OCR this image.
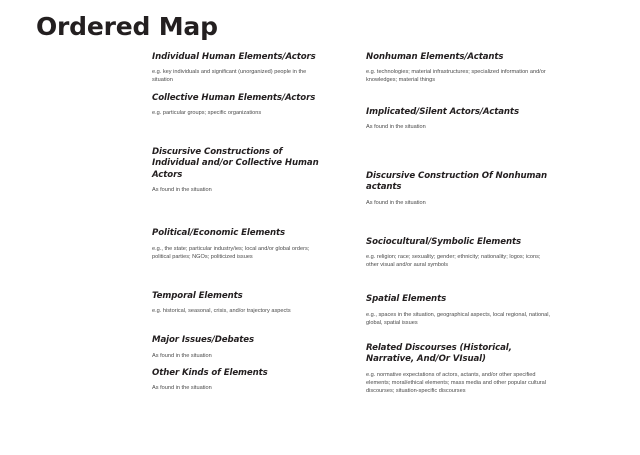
Ordered Map
Individual Human Elements/Actors
e.g. key individuals and significant (unorganized) people in the situation
Collective Human Elements/Actors
e.g. particular groups; specific organizations
Discursive Constructions of Individual and/or Collective Human Actors
As found in the situation
Political/Economic Elements
e.g., the state; particular industry/ies; local and/or global orders; political parties; NGOs; politicized issues
Temporal Elements
e.g. historical, seasonal, crisis, and/or trajectory aspects
Major Issues/Debates
As found in the situation
Other Kinds of Elements
As found in the situation
Nonhuman Elements/Actants
e.g. technologies; material infrastructures; specialized information and/or knowledges; material things
Implicated/Silent Actors/Actants
As found in the situation
Discursive Construction Of Nonhuman actants
As found in the situation
Sociocultural/Symbolic Elements
e.g. religion; race; sexuality; gender; ethnicity; nationality; logos; icons; other visual and/or aural symbols
Spatial Elements
e.g., spaces in the situation, geographical aspects, local regional, national, global, spatial issues
Related Discourses (Historical, Narrative, And/Or VIsual)
e.g. normative expectations of actors, actants, and/or other specified elements; moral/ethical elements; mass media and other popular cultural discourses; situation-specific discourses
